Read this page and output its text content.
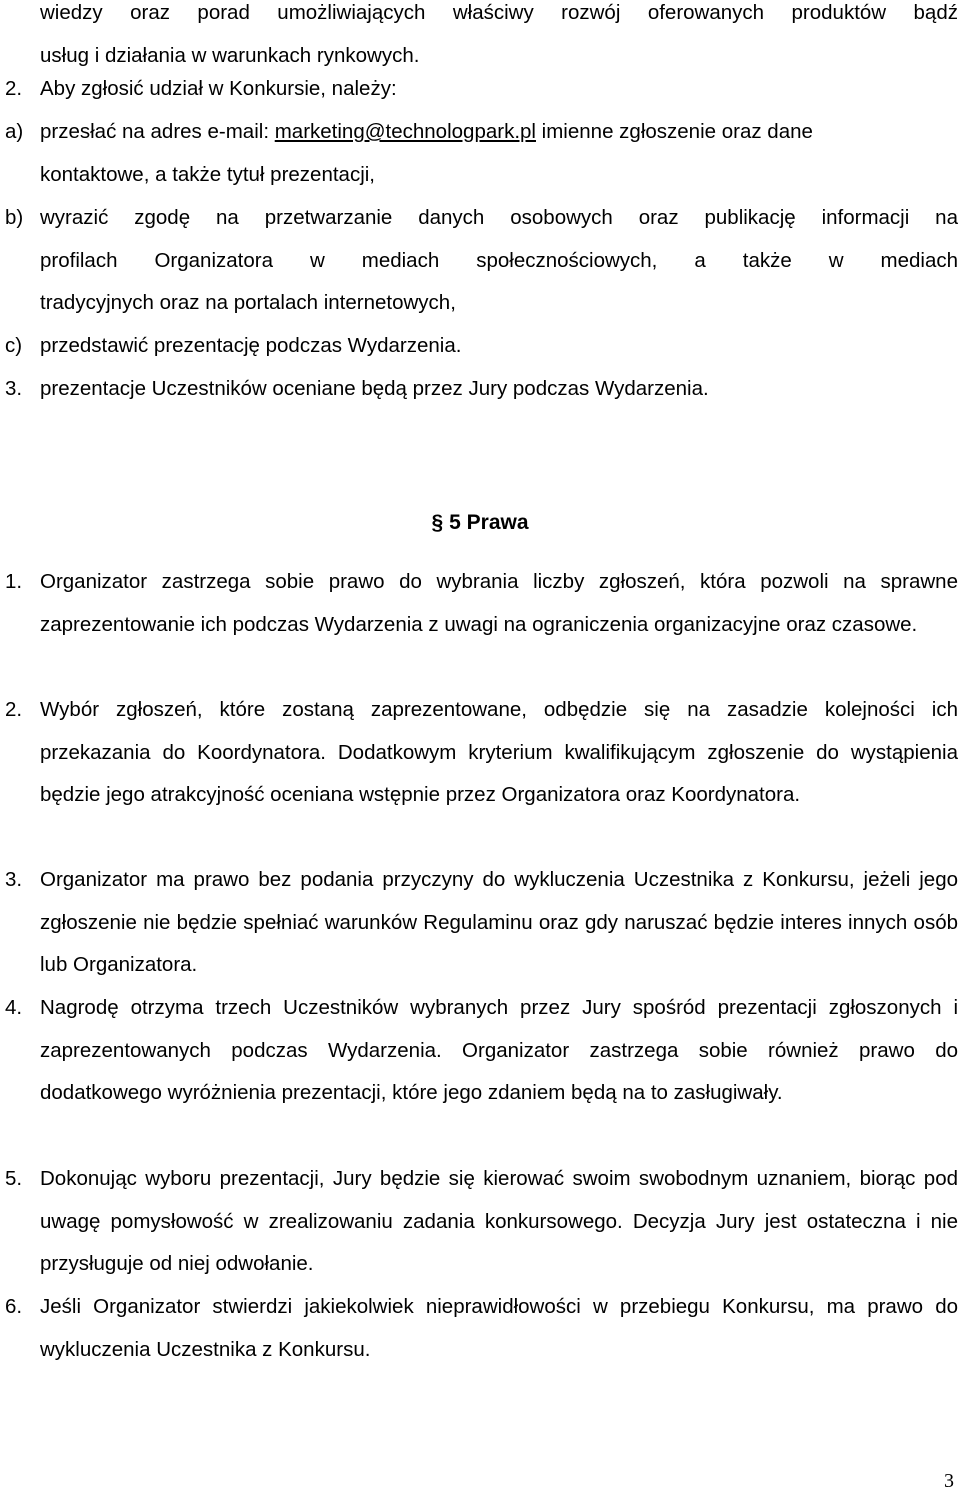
wiedzy oraz porad umożliwiających właściwy rozwój oferowanych produktów bądź
usług i działania w warunkach rynkowych.
2. Aby zgłosić udział w Konkursie, należy:
a) przesłać na adres e-mail: marketing@technologpark.pl imienne zgłoszenie oraz dane
kontaktowe, a także tytuł prezentacji,
b) wyrazić zgodę na przetwarzanie danych osobowych oraz publikację informacji na
profilach Organizatora w mediach społecznościowych, a także w mediach
tradycyjnych oraz na portalach internetowych,
c) przedstawić prezentację podczas Wydarzenia.
3. prezentacje Uczestników oceniane będą przez Jury podczas Wydarzenia.
§ 5 Prawa
1. Organizator zastrzega sobie prawo do wybrania liczby zgłoszeń, która pozwoli na sprawne zaprezentowanie ich podczas Wydarzenia z uwagi na ograniczenia organizacyjne oraz czasowe.
2. Wybór zgłoszeń, które zostaną zaprezentowane, odbędzie się na zasadzie kolejności ich przekazania do Koordynatora. Dodatkowym kryterium kwalifikującym zgłoszenie do wystąpienia będzie jego atrakcyjność oceniana wstępnie przez Organizatora oraz Koordynatora.
3. Organizator ma prawo bez podania przyczyny do wykluczenia Uczestnika z Konkursu, jeżeli jego zgłoszenie nie będzie spełniać warunków Regulaminu oraz gdy naruszać będzie interes innych osób lub Organizatora.
4. Nagrodę otrzyma trzech Uczestników wybranych przez Jury spośród prezentacji zgłoszonych i zaprezentowanych podczas Wydarzenia. Organizator zastrzega sobie również prawo do dodatkowego wyróżnienia prezentacji, które jego zdaniem będą na to zasługiwały.
5. Dokonując wyboru prezentacji, Jury będzie się kierować swoim swobodnym uznaniem, biorąc pod uwagę pomysłowość w zrealizowaniu zadania konkursowego. Decyzja Jury jest ostateczna i nie przysługuje od niej odwołanie.
6. Jeśli Organizator stwierdzi jakiekolwiek nieprawidłowości w przebiegu Konkursu, ma prawo do wykluczenia Uczestnika z Konkursu.
3
